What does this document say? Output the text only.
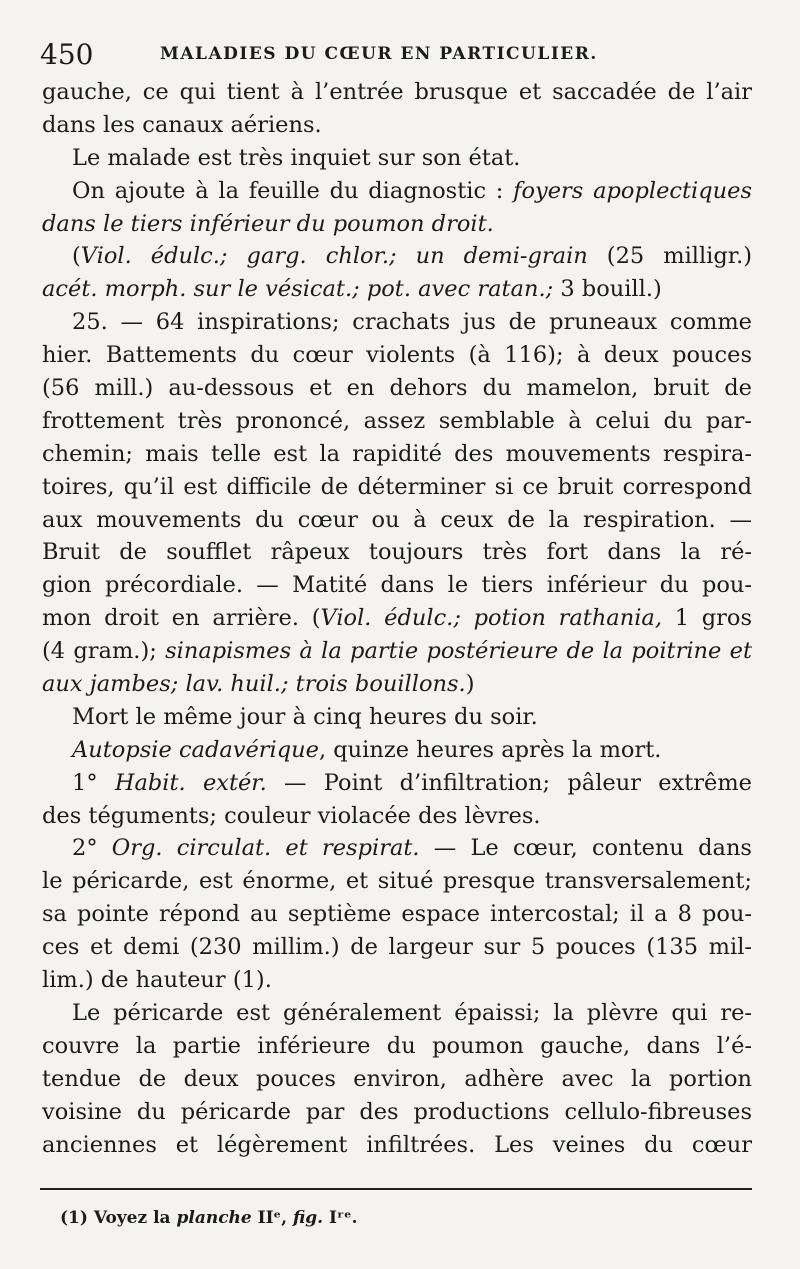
450	MALADIES DU CŒUR EN PARTICULIER.
gauche, ce qui tient à l’entrée brusque et saccadée de l’air
dans les canaux aériens.
Le malade est très inquiet sur son état.
On ajoute à la feuille du diagnostic : foyers apoplectiques
dans le tiers inférieur du poumon droit.
(Viol. édulc.; garg. chlor.; un demi-grain (25 milligr.)
acét. morph. sur le vésicat.; pot. avec ratan.; 3 bouill.)
25. — 64 inspirations; crachats jus de pruneaux comme
hier. Battements du cœur violents (à 116); à deux pouces
(56 mill.) au-dessous et en dehors du mamelon, bruit de
frottement très prononcé, assez semblable à celui du par-
chemin; mais telle est la rapidité des mouvements respira-
toires, qu’il est difficile de déterminer si ce bruit correspond
aux mouvements du cœur ou à ceux de la respiration. —
Bruit de soufflet râpeux toujours très fort dans la ré-
gion précordiale. — Matité dans le tiers inférieur du pou-
mon droit en arrière. (Viol. édulc.; potion rathania, 1 gros
(4 gram.); sinapismes à la partie postérieure de la poitrine et
aux jambes; lav. huil.; trois bouillons.)
Mort le même jour à cinq heures du soir.
Autopsie cadavérique, quinze heures après la mort.
1° Habit. extér. — Point d’infiltration; pâleur extrême
des téguments; couleur violacée des lèvres.
2° Org. circulat. et respirat. — Le cœur, contenu dans
le péricarde, est énorme, et situé presque transversalement;
sa pointe répond au septième espace intercostal; il a 8 pou-
ces et demi (230 millim.) de largeur sur 5 pouces (135 mil-
lim.) de hauteur (1).
Le péricarde est généralement épaissi; la plèvre qui re-
couvre la partie inférieure du poumon gauche, dans l’é-
tendue de deux pouces environ, adhère avec la portion
voisine du péricarde par des productions cellulo-fibreuses
anciennes et légèrement infiltrées. Les veines du cœur
(1) Voyez la planche IIᵉ, fig. Iʳᵉ.
